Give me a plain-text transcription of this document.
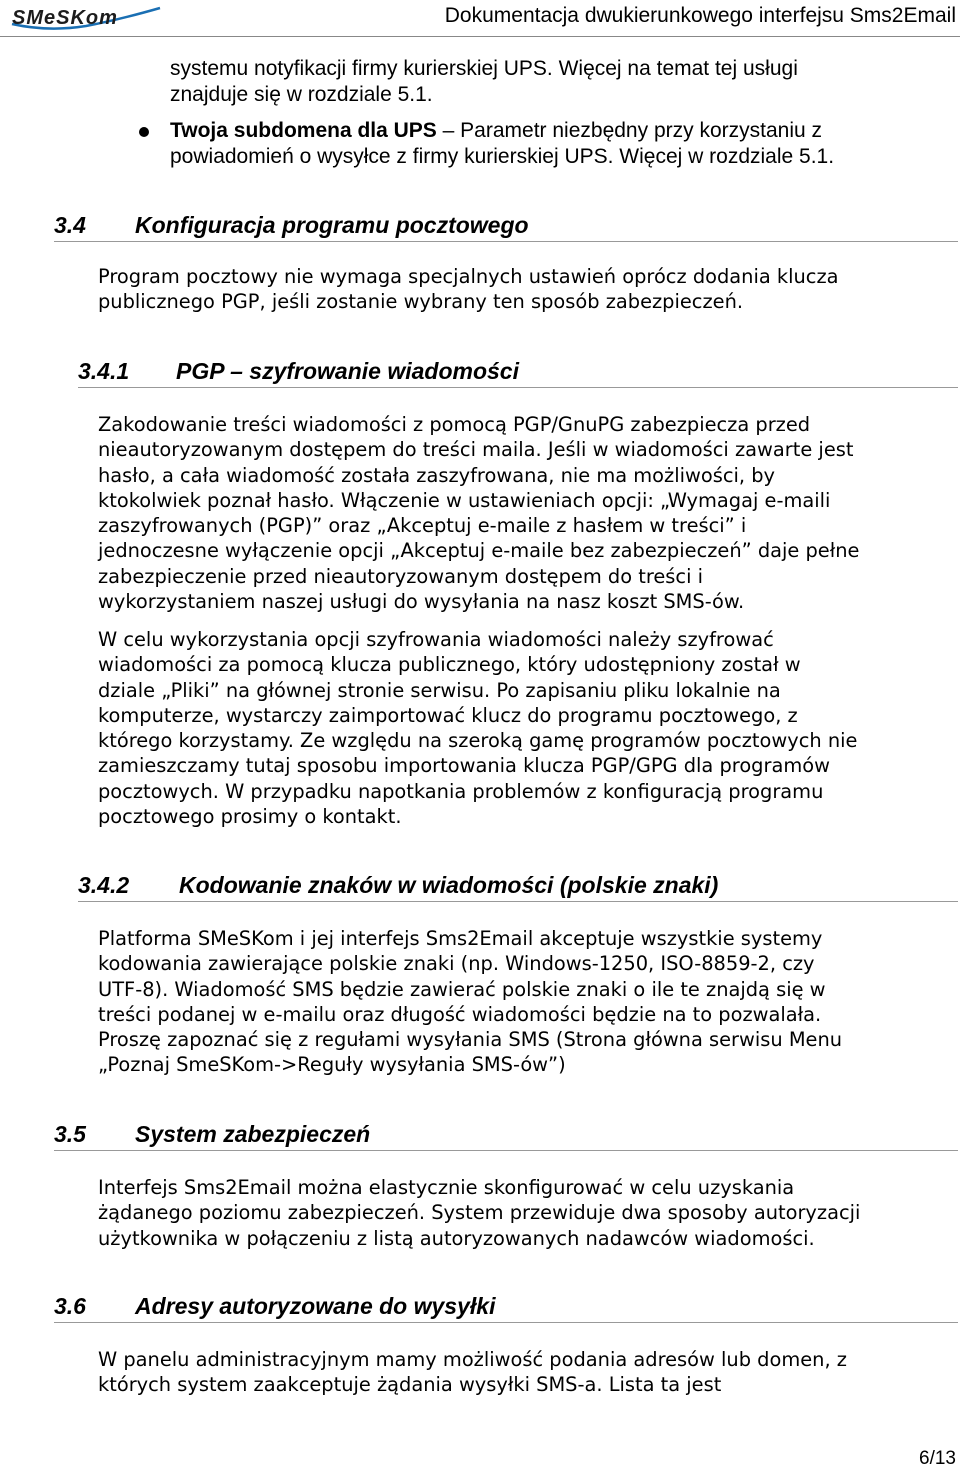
SMeSKom	Dokumentacja dwukierunkowego interfejsu Sms2Email
systemu notyfikacji firmy kurierskiej UPS. Więcej na temat tej usługi
znajduje się w rozdziale 5.1.
Twoja subdomena dla UPS – Parametr niezbędny przy korzystaniu z
powiadomień o wysyłce z firmy kurierskiej UPS. Więcej w rozdziale 5.1.
3.4 Konfiguracja programu pocztowego
Program pocztowy nie wymaga specjalnych ustawień oprócz dodania klucza
publicznego PGP, jeśli zostanie wybrany ten sposób zabezpieczeń.
3.4.1 PGP – szyfrowanie wiadomości
Zakodowanie treści wiadomości z pomocą PGP/GnuPG zabezpiecza przed
nieautoryzowanym dostępem do treści maila. Jeśli w wiadomości zawarte jest
hasło, a cała wiadomość została zaszyfrowana, nie ma możliwości, by
ktokolwiek poznał hasło. Włączenie w ustawieniach opcji: „Wymagaj e-maili
zaszyfrowanych (PGP)” oraz „Akceptuj e-maile z hasłem w treści” i
jednoczesne wyłączenie opcji „Akceptuj e-maile bez zabezpieczeń” daje pełne
zabezpieczenie przed nieautoryzowanym dostępem do treści i
wykorzystaniem naszej usługi do wysyłania na nasz koszt SMS-ów.
W celu wykorzystania opcji szyfrowania wiadomości należy szyfrować
wiadomości za pomocą klucza publicznego, który udostępniony został w
dziale „Pliki” na głównej stronie serwisu. Po zapisaniu pliku lokalnie na
komputerze, wystarczy zaimportować klucz do programu pocztowego, z
którego korzystamy. Ze względu na szeroką gamę programów pocztowych nie
zamieszczamy tutaj sposobu importowania klucza PGP/GPG dla programów
pocztowych. W przypadku napotkania problemów z konfiguracją programu
pocztowego prosimy o kontakt.
3.4.2 Kodowanie znaków w wiadomości (polskie znaki)
Platforma SMeSKom i jej interfejs Sms2Email akceptuje wszystkie systemy
kodowania zawierające polskie znaki (np. Windows-1250, ISO-8859-2, czy
UTF-8). Wiadomość SMS będzie zawierać polskie znaki o ile te znajdą się w
treści podanej w e-mailu oraz długość wiadomości będzie na to pozwalała.
Proszę zapoznać się z regułami wysyłania SMS (Strona główna serwisu Menu
„Poznaj SmeSKom->Reguły wysyłania SMS-ów”)
3.5 System zabezpieczeń
Interfejs Sms2Email można elastycznie skonfigurować w celu uzyskania
żądanego poziomu zabezpieczeń. System przewiduje dwa sposoby autoryzacji
użytkownika w połączeniu z listą autoryzowanych nadawców wiadomości.
3.6 Adresy autoryzowane do wysyłki
W panelu administracyjnym mamy możliwość podania adresów lub domen, z
których system zaakceptuje żądania wysyłki SMS-a. Lista ta jest
6/13
